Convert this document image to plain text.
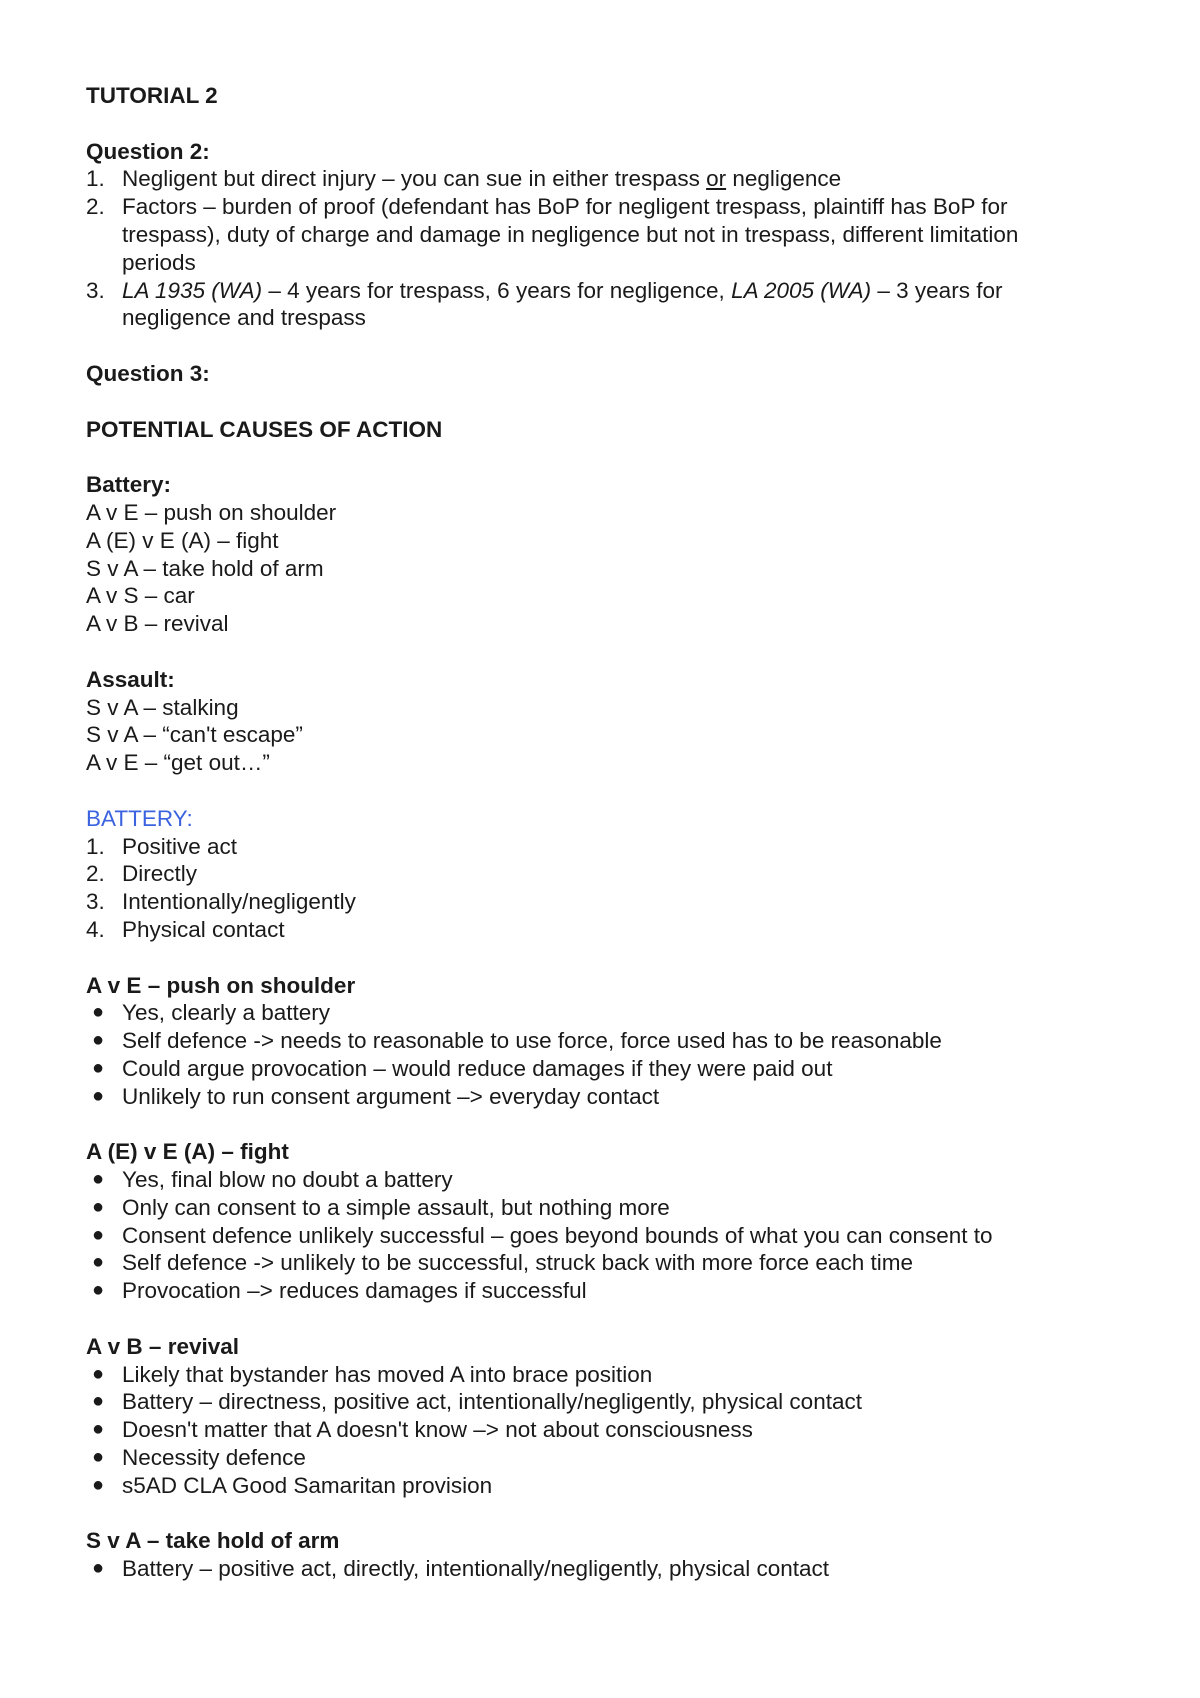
TUTORIAL 2
Question 2:
1. Negligent but direct injury – you can sue in either trespass or negligence
2. Factors – burden of proof (defendant has BoP for negligent trespass, plaintiff has BoP for trespass), duty of charge and damage in negligence but not in trespass, different limitation periods
3. LA 1935 (WA) – 4 years for trespass, 6 years for negligence, LA 2005 (WA) – 3 years for negligence and trespass
Question 3:
POTENTIAL CAUSES OF ACTION
Battery:
A v E – push on shoulder
A (E) v E (A) – fight
S v A – take hold of arm
A v S – car
A v B – revival
Assault:
S v A – stalking
S v A – “can't escape”
A v E – “get out…”
BATTERY:
1. Positive act
2. Directly
3. Intentionally/negligently
4. Physical contact
A v E – push on shoulder
● Yes, clearly a battery
● Self defence -> needs to reasonable to use force, force used has to be reasonable
● Could argue provocation – would reduce damages if they were paid out
● Unlikely to run consent argument –> everyday contact
A (E) v E (A) – fight
● Yes, final blow no doubt a battery
● Only can consent to a simple assault, but nothing more
● Consent defence unlikely successful – goes beyond bounds of what you can consent to
● Self defence -> unlikely to be successful, struck back with more force each time
● Provocation –> reduces damages if successful
A v B – revival
● Likely that bystander has moved A into brace position
● Battery – directness, positive act, intentionally/negligently, physical contact
● Doesn't matter that A doesn't know –> not about consciousness
● Necessity defence
● s5AD CLA Good Samaritan provision
S v A – take hold of arm
● Battery – positive act, directly, intentionally/negligently, physical contact
